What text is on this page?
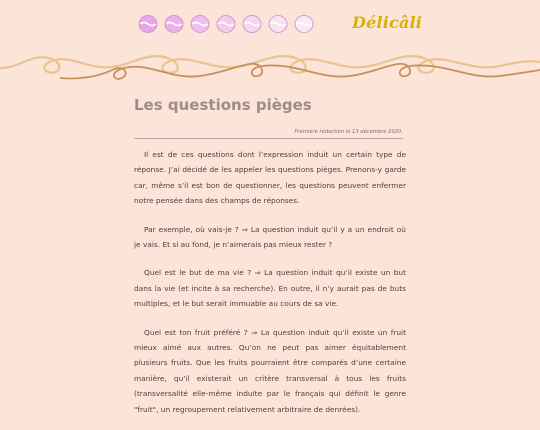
Délicâli
Les questions pièges
Première rédaction le 13 décembre 2020.

Il est de ces questions dont l’expression induit un certain type de réponse. J’ai décidé de les appeler les questions pièges. Prenons-y garde car, même s’il est bon de questionner, les questions peuvent enfermer notre pensée dans des champs de réponses.

Par exemple, où vais-je ? ⇒ La question induit qu’il y a un endroit où je vais. Et si au fond, je n’aimerais pas mieux rester ?

Quel est le but de ma vie ? ⇒ La question induit qu’il existe un but dans la vie (et incite à sa recherche). En outre, il n’y aurait pas de buts multiples, et le but serait immuable au cours de sa vie.

Quel est ton fruit préféré ? ⇒ La question induit qu’il existe un fruit mieux aimé aux autres. Qu’on ne peut pas aimer équitablement plusieurs fruits. Que les fruits pourraient être comparés d’une certaine manière, qu’il existerait un critère transversal à tous les fruits (transversalité elle-même induite par le français qui définit le genre "fruit", un regroupement relativement arbitraire de denrées).
